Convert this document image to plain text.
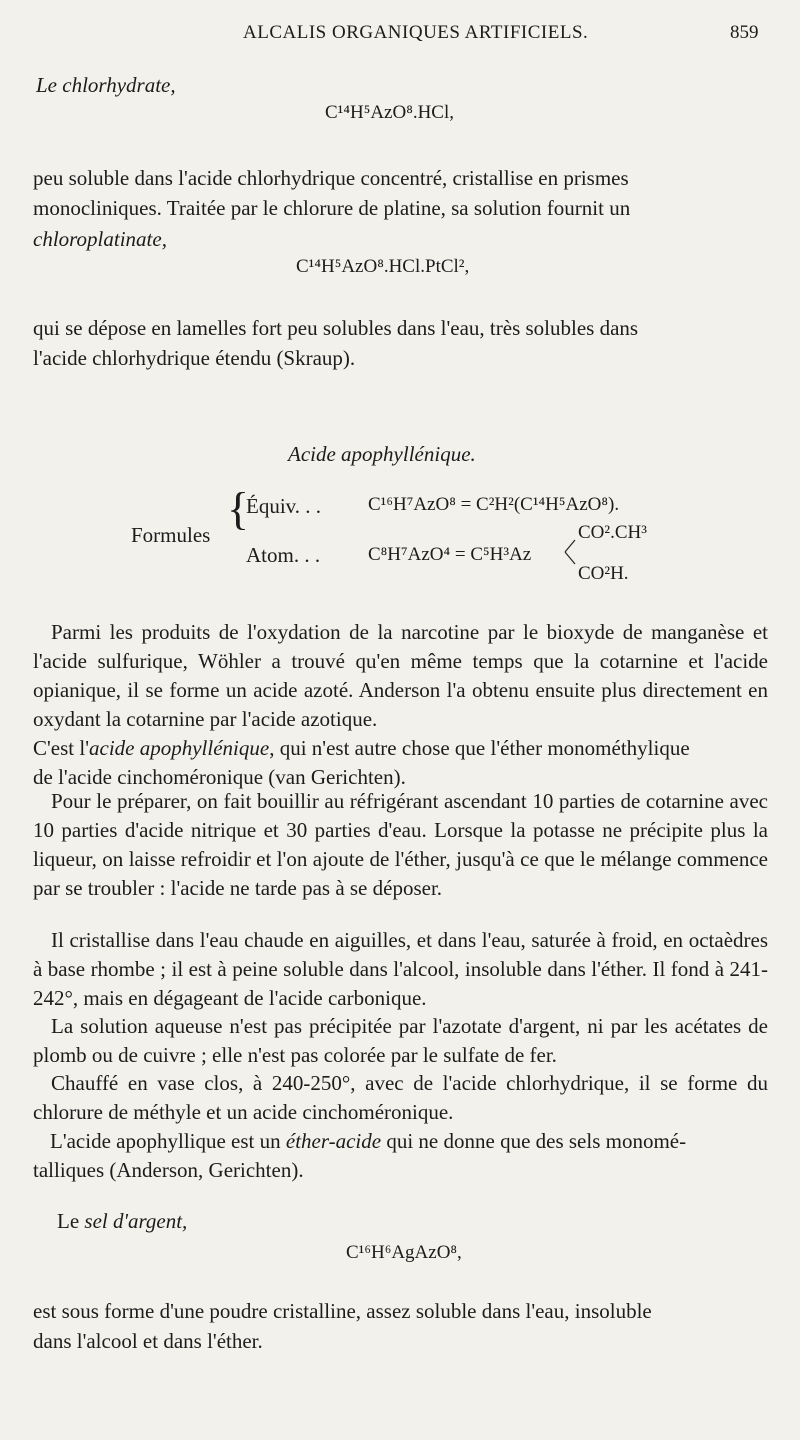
ALCALIS ORGANIQUES ARTIFICIELS.	859
Le chlorhydrate,
C¹⁴H⁵AzO⁸.HCl,
peu soluble dans l'acide chlorhydrique concentré, cristallise en prismes
monocliniques. Traitée par le chlorure de platine, sa solution fournit un
chloroplatinate,
C¹⁴H⁵AzO⁸.HCl.PtCl²,
qui se dépose en lamelles fort peu solubles dans l'eau, très solubles dans
l'acide chlorhydrique étendu (Skraup).
Acide apophyllénique.
Formules
{
Équiv. . . C¹⁶H⁷AzO⁸ = C²H²(C¹⁴H⁵AzO⁸).
Atom. . .	C⁸H⁷AzO⁴ = C⁵H³Az
CO².CH³
CO²H.

Parmi les produits de l'oxydation de la narcotine par le bioxyde de manganèse et l'acide sulfurique, Wöhler a trouvé qu'en même temps que la cotarnine et l'acide opianique, il se forme un acide azoté. Anderson l'a obtenu ensuite plus directement en oxydant la cotarnine par l'acide azotique.

C'est l'acide apophyllénique, qui n'est autre chose que l'éther monométhylique
de l'acide cinchoméronique (van Gerichten).

Pour le préparer, on fait bouillir au réfrigérant ascendant 10 parties de cotarnine avec 10 parties d'acide nitrique et 30 parties d'eau. Lorsque la potasse ne précipite plus la liqueur, on laisse refroidir et l'on ajoute de l'éther, jusqu'à ce que le mélange commence par se troubler : l'acide ne tarde pas à se déposer.

Il cristallise dans l'eau chaude en aiguilles, et dans l'eau, saturée à froid, en octaèdres à base rhombe ; il est à peine soluble dans l'alcool, insoluble dans l'éther. Il fond à 241-242°, mais en dégageant de l'acide carbonique.

La solution aqueuse n'est pas précipitée par l'azotate d'argent, ni par les acétates de plomb ou de cuivre ; elle n'est pas colorée par le sulfate de fer.

Chauffé en vase clos, à 240-250°, avec de l'acide chlorhydrique, il se forme du chlorure de méthyle et un acide cinchoméronique.

L'acide apophyllique est un éther-acide qui ne donne que des sels monomé-
talliques (Anderson, Gerichten).
Le sel d'argent,
C¹⁶H⁶AgAzO⁸,
est sous forme d'une poudre cristalline, assez soluble dans l'eau, insoluble
dans l'alcool et dans l'éther.
